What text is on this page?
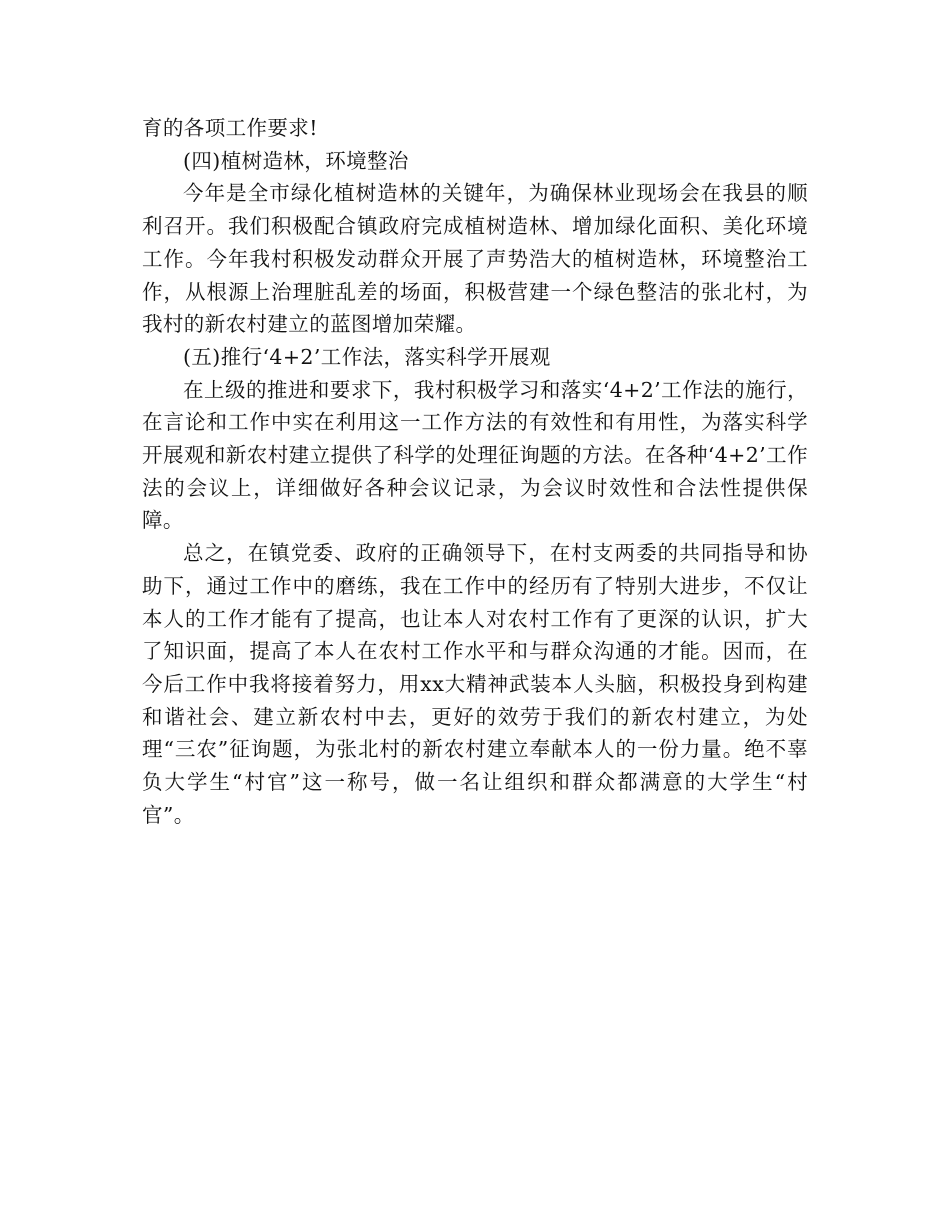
育的各项工作要求!

(四)植树造林，环境整治

今年是全市绿化植树造林的关键年，为确保林业现场会在我县的顺利召开。我们积极配合镇政府完成植树造林、增加绿化面积、美化环境工作。今年我村积极发动群众开展了声势浩大的植树造林，环境整治工作，从根源上治理脏乱差的场面，积极营建一个绿色整洁的张北村，为我村的新农村建立的蓝图增加荣耀。

(五)推行‘4+2’工作法，落实科学开展观

在上级的推进和要求下，我村积极学习和落实‘4+2’工作法的施行，在言论和工作中实在利用这一工作方法的有效性和有用性，为落实科学开展观和新农村建立提供了科学的处理征询题的方法。在各种‘4+2’工作法的会议上，详细做好各种会议记录，为会议时效性和合法性提供保障。

总之，在镇党委、政府的正确领导下，在村支两委的共同指导和协助下，通过工作中的磨练，我在工作中的经历有了特别大进步，不仅让本人的工作才能有了提高，也让本人对农村工作有了更深的认识，扩大了知识面，提高了本人在农村工作水平和与群众沟通的才能。因而，在今后工作中我将接着努力，用xx大精神武装本人头脑，积极投身到构建和谐社会、建立新农村中去，更好的效劳于我们的新农村建立，为处理“三农”征询题，为张北村的新农村建立奉献本人的一份力量。绝不辜负大学生“村官”这一称号，做一名让组织和群众都满意的大学生“村官”。
